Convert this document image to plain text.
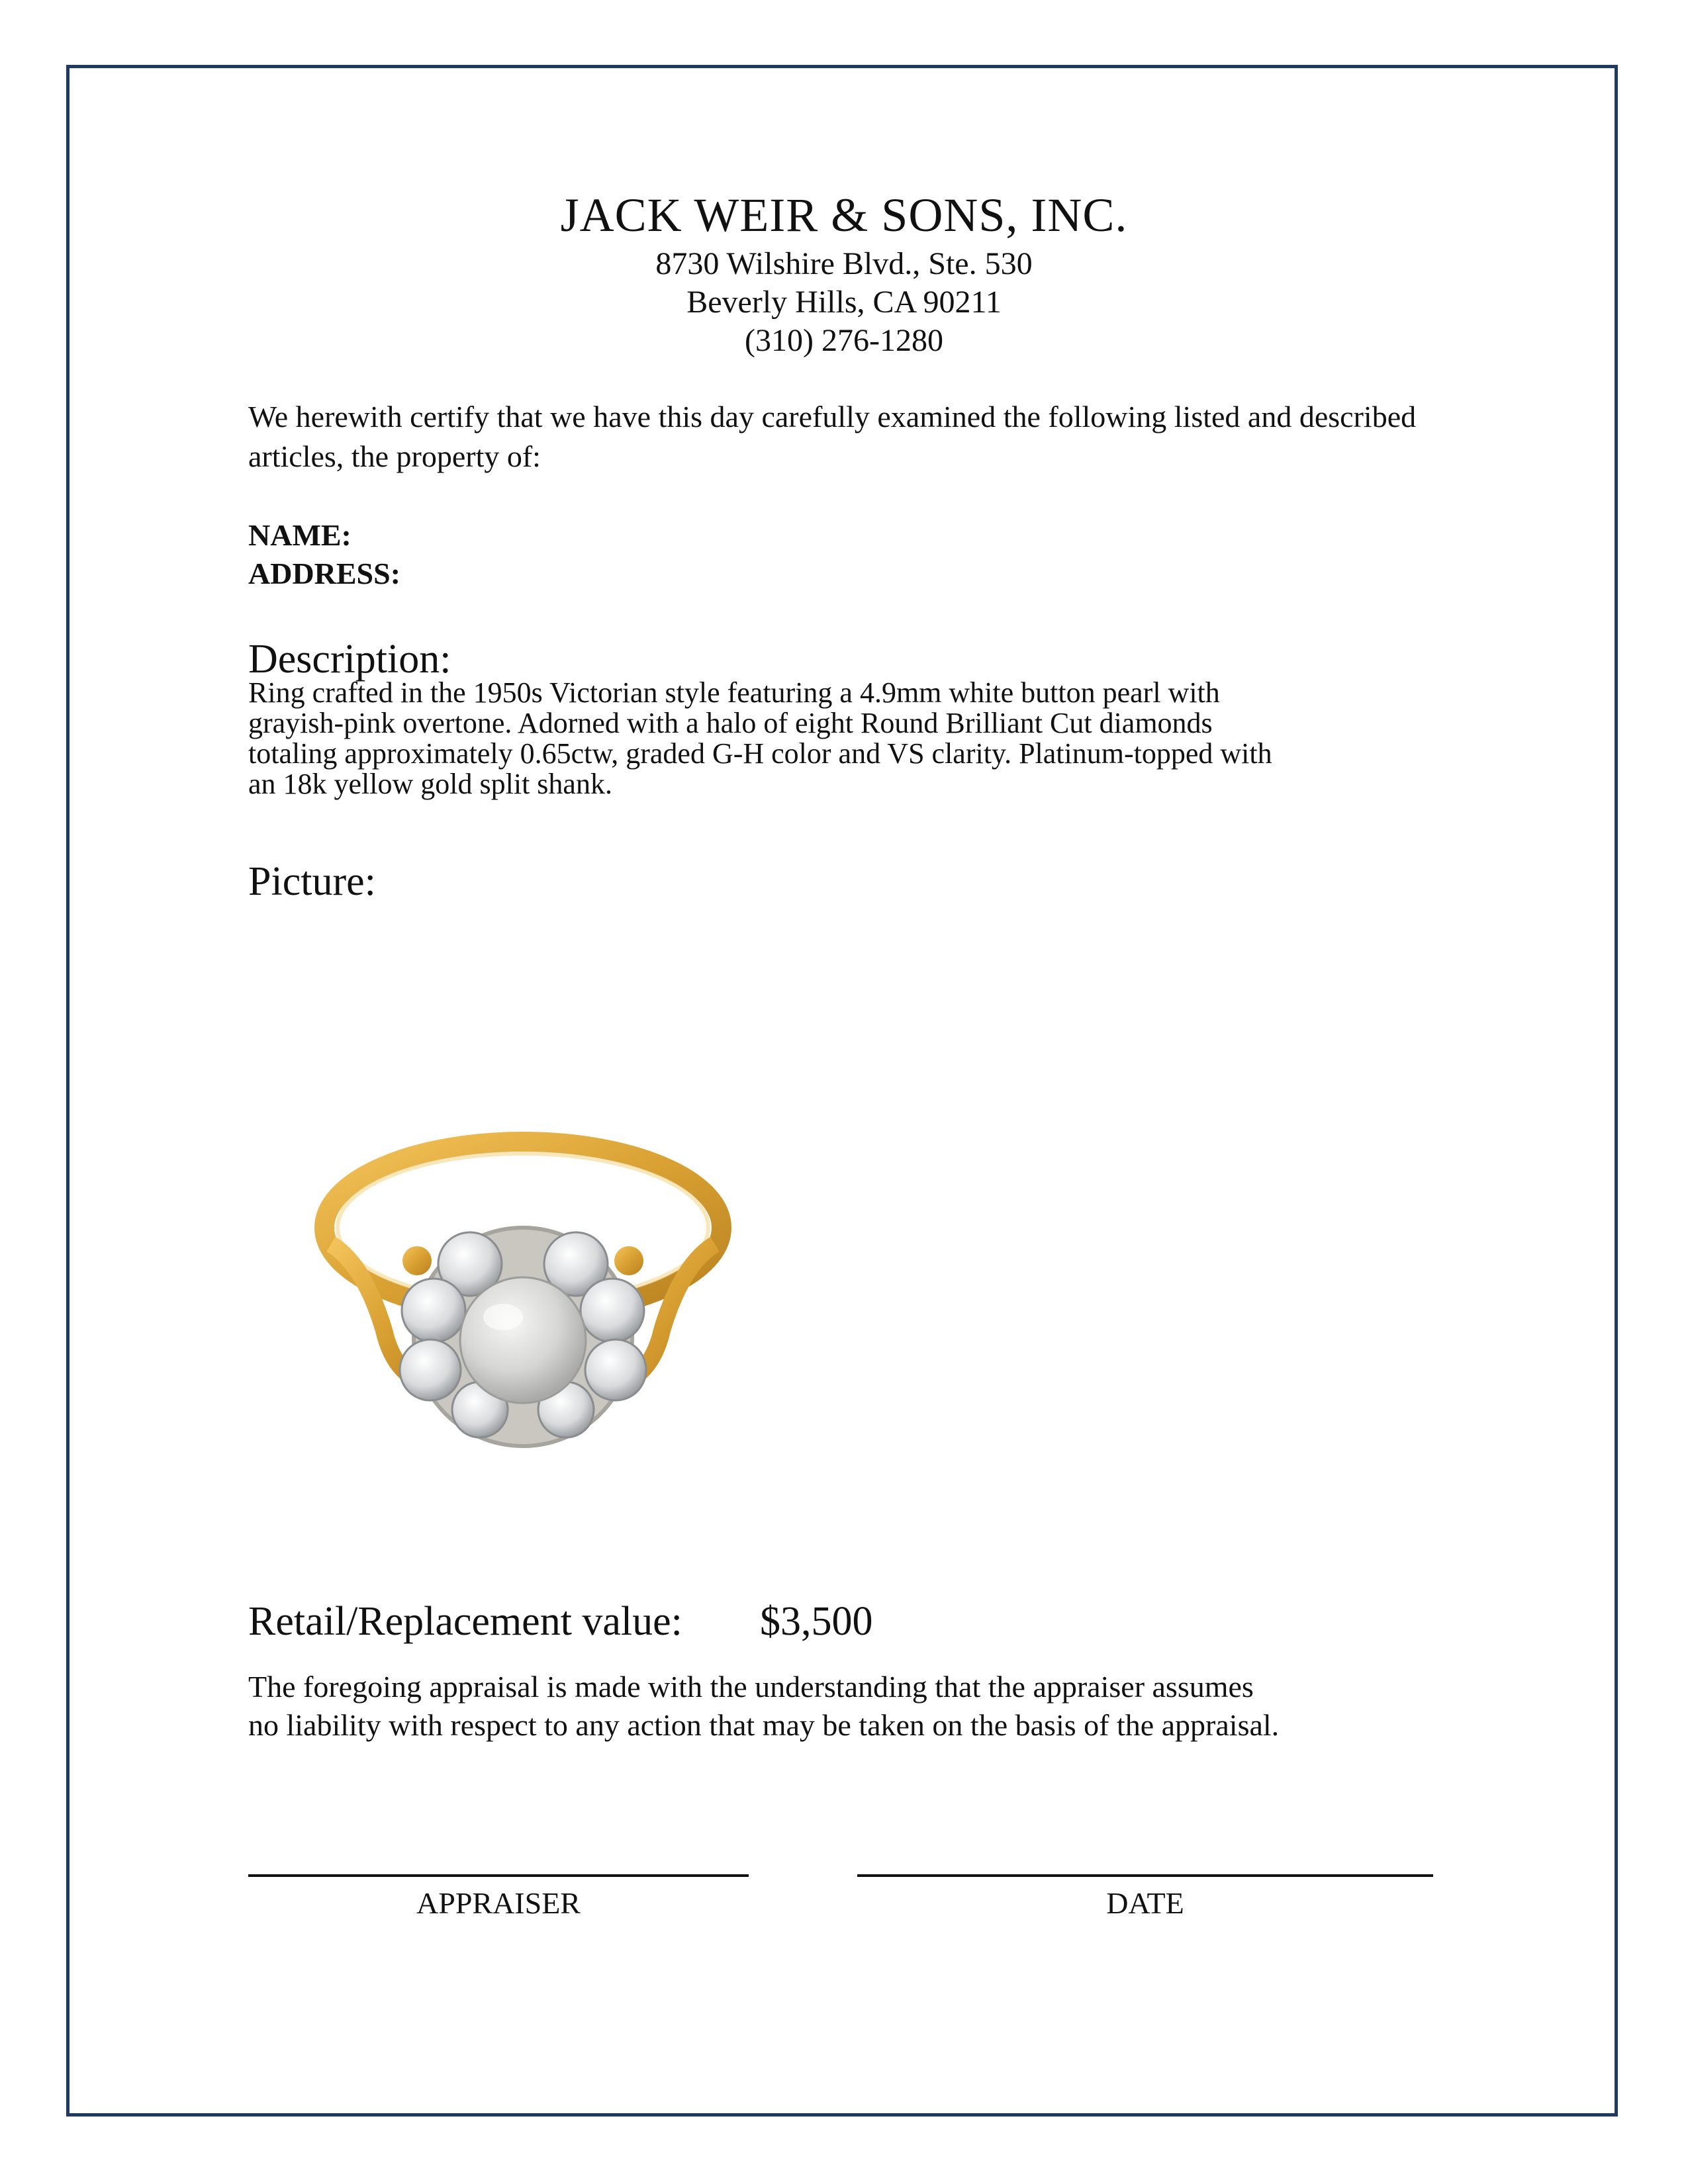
JACK WEIR & SONS, INC.
8730 Wilshire Blvd., Ste. 530
Beverly Hills, CA 90211
(310) 276-1280
We herewith certify that we have this day carefully examined the following listed and described articles, the property of:
NAME:
ADDRESS:
Description:
Ring crafted in the 1950s Victorian style featuring a 4.9mm white button pearl with
grayish-pink overtone. Adorned with a halo of eight Round Brilliant Cut diamonds
totaling approximately 0.65ctw, graded G-H color and VS clarity. Platinum-topped with
an 18k yellow gold split shank.
Picture:
Retail/Replacement value: $3,500
The foregoing appraisal is made with the understanding that the appraiser assumes
no liability with respect to any action that may be taken on the basis of the appraisal.
APPRAISER	DATE
